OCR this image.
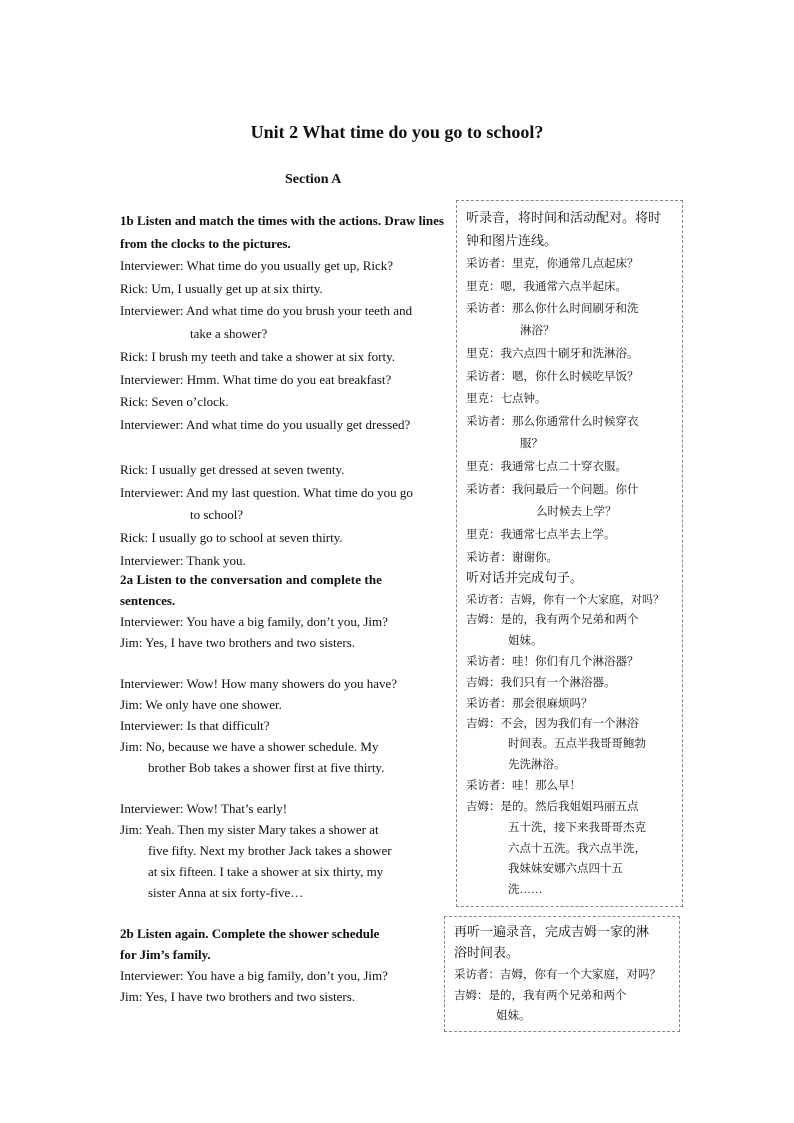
Unit 2 What time do you go to school?
Section A
1b Listen and match the times with the actions. Draw lines
from the clocks to the pictures.
Interviewer: What time do you usually get up, Rick?
Rick: Um, I usually get up at six thirty.
Interviewer: And what time do you brush your teeth and
take a shower?
Rick: I brush my teeth and take a shower at six forty.
Interviewer: Hmm. What time do you eat breakfast?
Rick: Seven o’clock.
Interviewer: And what time do you usually get dressed?
Rick: I usually get dressed at seven twenty.
Interviewer: And my last question. What time do you go
to school?
Rick: I usually go to school at seven thirty.
Interviewer: Thank you.
2a Listen to the conversation and complete the
sentences.
Interviewer: You have a big family, don’t you, Jim?
Jim: Yes, I have two brothers and two sisters.
Interviewer: Wow! How many showers do you have?
Jim: We only have one shower.
Interviewer: Is that difficult?
Jim: No, because we have a shower schedule. My
brother Bob takes a shower first at five thirty.
Interviewer: Wow! That’s early!
Jim: Yeah. Then my sister Mary takes a shower at
five fifty. Next my brother Jack takes a shower
at six fifteen. I take a shower at six thirty, my
sister Anna at six forty-five…
2b Listen again. Complete the shower schedule
for Jim’s family.
Interviewer: You have a big family, don’t you, Jim?
Jim: Yes, I have two brothers and two sisters.
听录音，将时间和活动配对。将时
钟和图片连线。
采访者：里克，你通常几点起床？
里克：嗯，我通常六点半起床。
采访者：那么你什么时间刷牙和洗
淋浴？
里克：我六点四十刷牙和洗淋浴。
采访者：嗯，你什么时候吃早饭？
里克：七点钟。
采访者：那么你通常什么时候穿衣
服？
里克：我通常七点二十穿衣服。
采访者：我问最后一个问题。你什
么时候去上学？
里克：我通常七点半去上学。
采访者：谢谢你。
听对话并完成句子。
采访者：吉姆，你有一个大家庭，对吗？
吉姆：是的，我有两个兄弟和两个
姐妹。
采访者：哇！你们有几个淋浴器？
吉姆：我们只有一个淋浴器。
采访者：那会很麻烦吗？
吉姆：不会，因为我们有一个淋浴
时间表。五点半我哥哥鲍勃
先洗淋浴。
采访者：哇！那么早！
吉姆：是的。然后我姐姐玛丽五点
五十洗，接下来我哥哥杰克
六点十五洗。我六点半洗，
我妹妹安娜六点四十五
洗……
再听一遍录音，完成吉姆一家的淋
浴时间表。
采访者：吉姆，你有一个大家庭，对吗？
吉姆：是的，我有两个兄弟和两个
姐妹。
